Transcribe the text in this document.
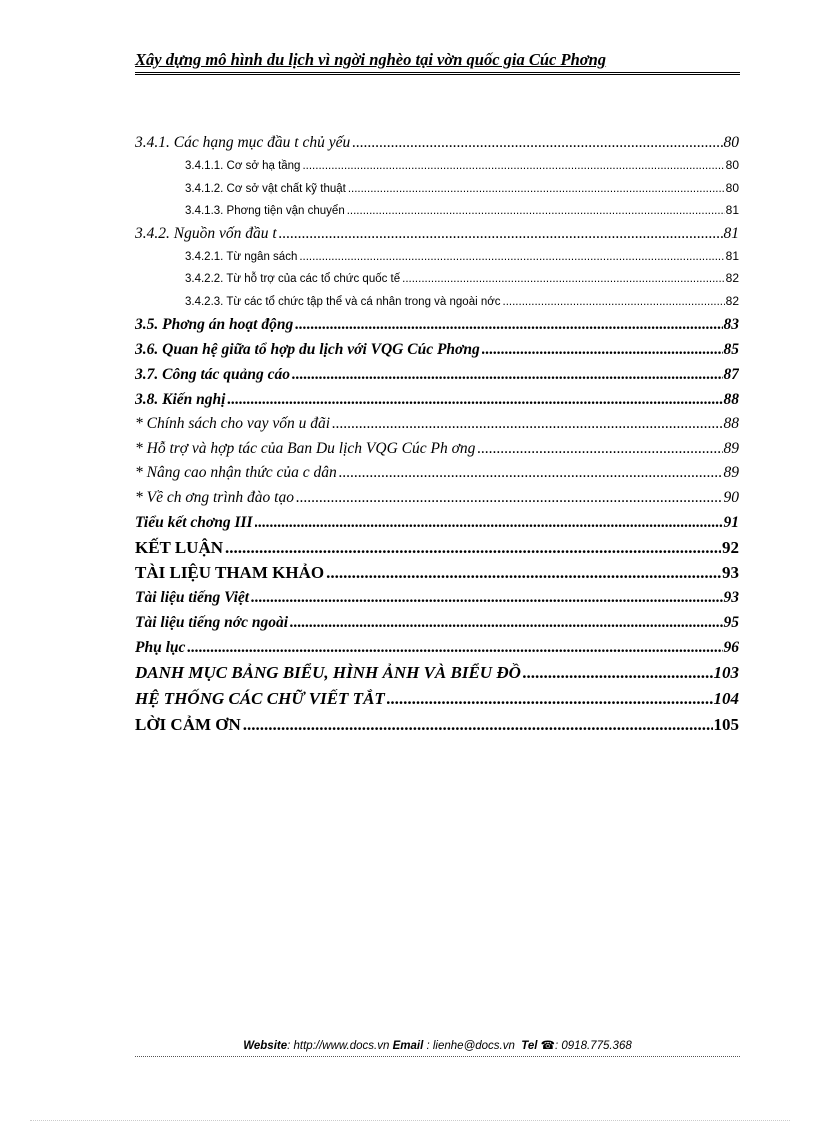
Xây dựng mô hình du lịch vì ngời nghèo tại vờn quốc gia Cúc Phơng
3.4.1. Các hạng mục đầu t chủ yếu .....	80
3.4.1.1. Cơ sở hạ tầng .....	80
3.4.1.2. Cơ sở vật chất kỹ thuật .....	80
3.4.1.3. Phơng tiện vận chuyển .....	81
3.4.2. Nguồn vốn đầu t .....	81
3.4.2.1. Từ ngân sách .....	81
3.4.2.2. Từ hỗ trợ của các tổ chức quốc tế .....	82
3.4.2.3. Từ các tổ chức tập thể và cá nhân trong và ngoài nớc .....	82
3.5. Phơng án hoạt động .....	83
3.6. Quan hệ giữa tổ hợp du lịch với VQG Cúc Phơng .....	85
3.7. Công tác quảng cáo .....	87
3.8. Kiến nghị .....	88
* Chính sách cho vay vốn u đãi .....	88
* Hỗ trợ và hợp tác của Ban Du lịch VQG Cúc Ph ơng .....	89
* Nâng cao nhận thức của c dân .....	89
* Về ch ơng trình đào tạo .....	90
Tiểu kết chơng III .....	91
KẾT LUẬN .....	92
TÀI LIỆU THAM KHẢO .....	93
Tài liệu tiếng Việt .....	93
Tài liệu tiếng nớc ngoài .....	95
Phụ lục .....	96
DANH MỤC BẢNG BIỂU, HÌNH ẢNH VÀ BIỂU ĐỒ .....	103
HỆ THỐNG CÁC CHỮ VIẾT TẮT .....	104
LỜI CẢM ƠN .....	105
Website: http://www.docs.vn Email : lienhe@docs.vn Tel ☎: 0918.775.368
